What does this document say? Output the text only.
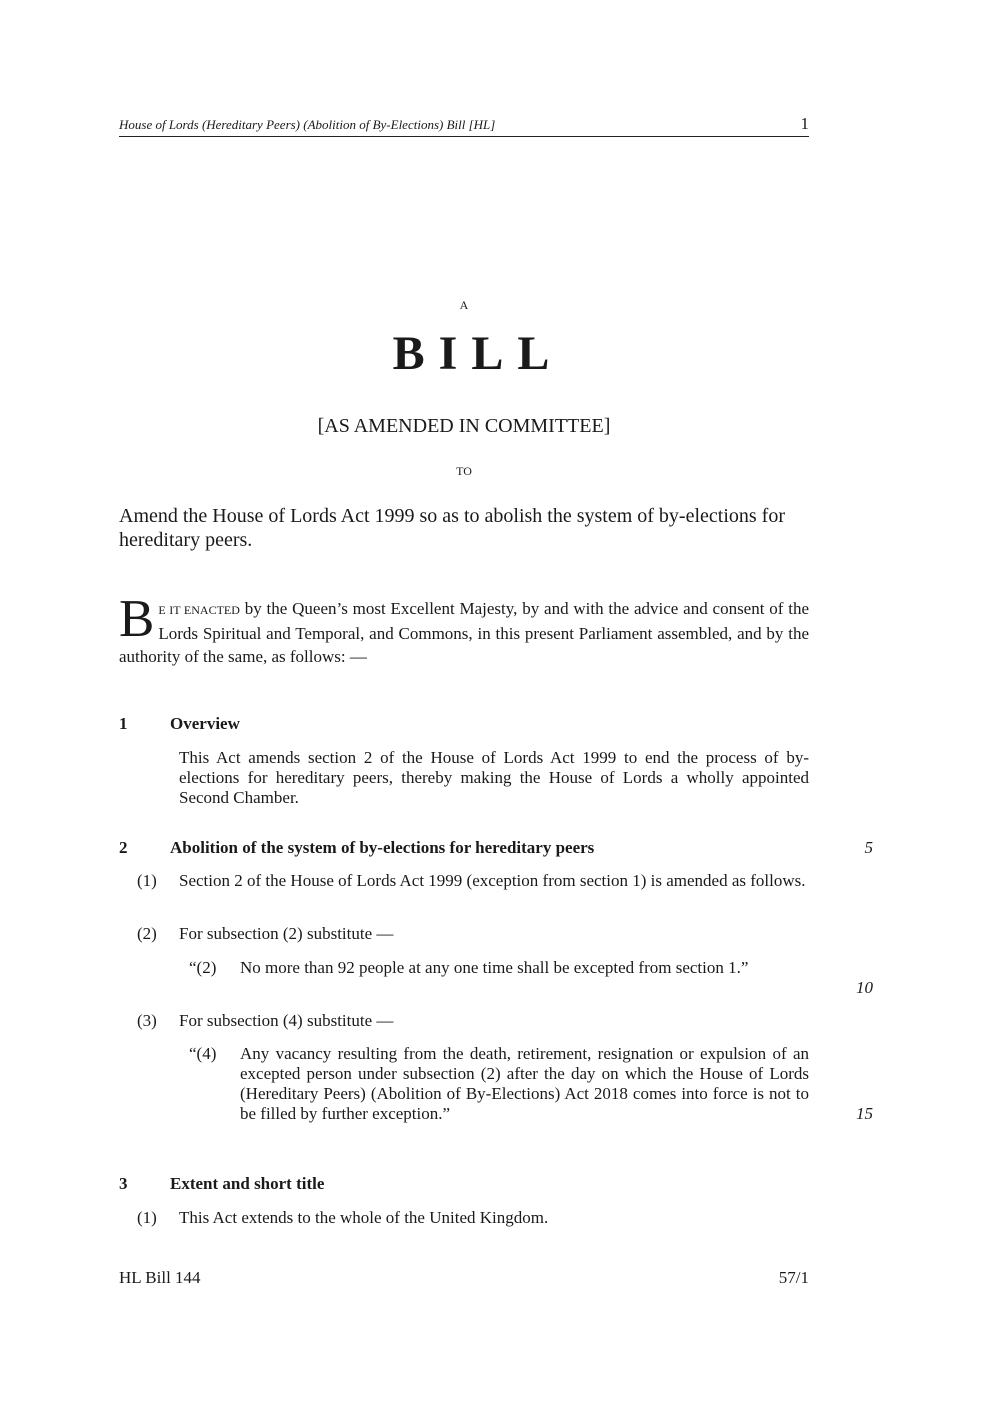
House of Lords (Hereditary Peers) (Abolition of By-Elections) Bill [HL]	1
A
BILL
[AS AMENDED IN COMMITTEE]
TO
Amend the House of Lords Act 1999 so as to abolish the system of by-elections for hereditary peers.
B E IT ENACTED by the Queen’s most Excellent Majesty, by and with the advice and consent of the Lords Spiritual and Temporal, and Commons, in this present Parliament assembled, and by the authority of the same, as follows: —
1	Overview
This Act amends section 2 of the House of Lords Act 1999 to end the process of by-elections for hereditary peers, thereby making the House of Lords a wholly appointed Second Chamber.
2	Abolition of the system of by-elections for hereditary peers	5
(1) Section 2 of the House of Lords Act 1999 (exception from section 1) is amended as follows.
(2) For subsection (2) substitute —
“(2) No more than 92 people at any one time shall be excepted from section 1.”
10
(3) For subsection (4) substitute —
“(4) Any vacancy resulting from the death, retirement, resignation or expulsion of an excepted person under subsection (2) after the day on which the House of Lords (Hereditary Peers) (Abolition of By-Elections) Act 2018 comes into force is not to be filled by further exception.”	15
3	Extent and short title
(1) This Act extends to the whole of the United Kingdom.
HL Bill 144	57/1
